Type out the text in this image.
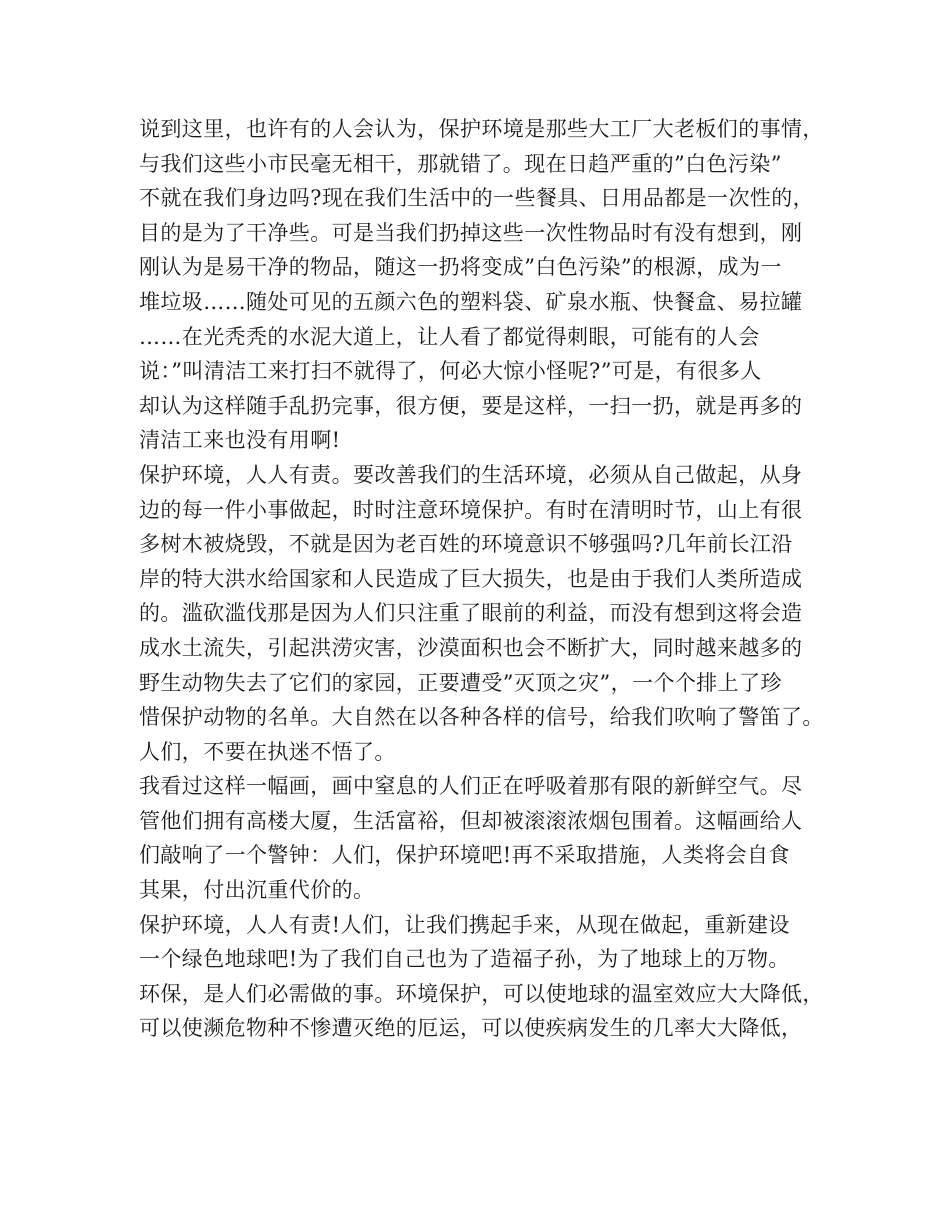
说到这里，也许有的人会认为，保护环境是那些大工厂大老板们的事情，
与我们这些小市民毫无相干，那就错了。现在日趋严重的”白色污染”
不就在我们身边吗?现在我们生活中的一些餐具、日用品都是一次性的，
目的是为了干净些。可是当我们扔掉这些一次性物品时有没有想到，刚
刚认为是易干净的物品，随这一扔将变成”白色污染”的根源，成为一
堆垃圾……随处可见的五颜六色的塑料袋、矿泉水瓶、快餐盒、易拉罐
……在光秃秃的水泥大道上，让人看了都觉得刺眼，可能有的人会
说：”叫清洁工来打扫不就得了，何必大惊小怪呢?”可是，有很多人
却认为这样随手乱扔完事，很方便，要是这样，一扫一扔，就是再多的
清洁工来也没有用啊!
保护环境，人人有责。要改善我们的生活环境，必须从自己做起，从身
边的每一件小事做起，时时注意环境保护。有时在清明时节，山上有很
多树木被烧毁，不就是因为老百姓的环境意识不够强吗?几年前长江沿
岸的特大洪水给国家和人民造成了巨大损失，也是由于我们人类所造成
的。滥砍滥伐那是因为人们只注重了眼前的利益，而没有想到这将会造
成水土流失，引起洪涝灾害，沙漠面积也会不断扩大，同时越来越多的
野生动物失去了它们的家园，正要遭受”灭顶之灾”，一个个排上了珍
惜保护动物的名单。大自然在以各种各样的信号，给我们吹响了警笛了。
人们，不要在执迷不悟了。
我看过这样一幅画，画中窒息的人们正在呼吸着那有限的新鲜空气。尽
管他们拥有高楼大厦，生活富裕，但却被滚滚浓烟包围着。这幅画给人
们敲响了一个警钟：人们，保护环境吧!再不采取措施，人类将会自食
其果，付出沉重代价的。
保护环境，人人有责!人们，让我们携起手来，从现在做起，重新建设
一个绿色地球吧!为了我们自己也为了造福子孙，为了地球上的万物。
环保，是人们必需做的事。环境保护，可以使地球的温室效应大大降低，
可以使濒危物种不惨遭灭绝的厄运，可以使疾病发生的几率大大降低，
